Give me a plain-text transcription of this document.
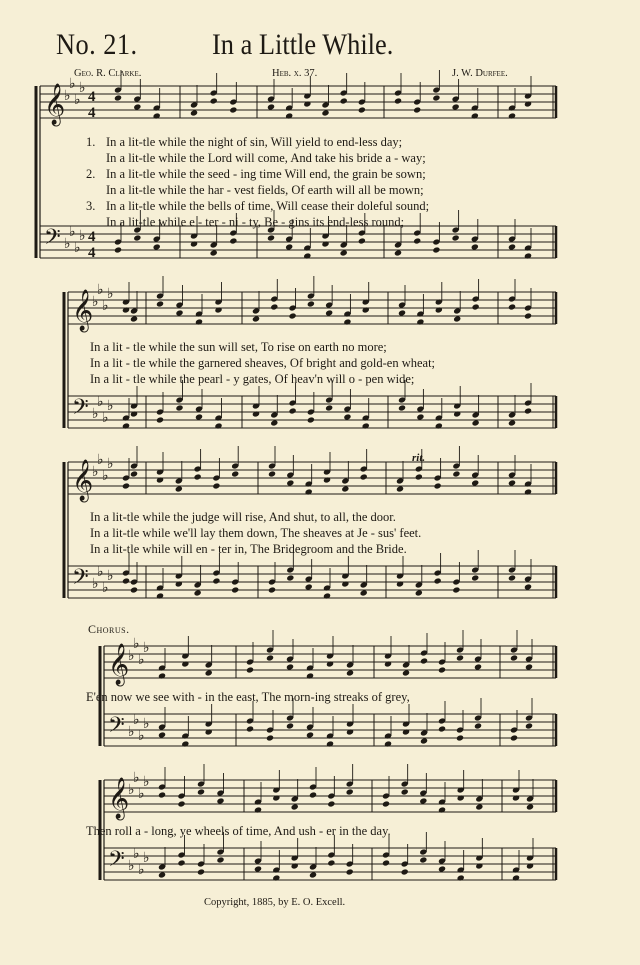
𝄞
♭
♭
♭
♭
4
4
𝄢 ♭
♭
♭
♭ 4
4
𝄞
♭
♭
♭
♭
𝄢 ♭
♭
♭
♭
𝄞
♭
♭
♭
♭
𝄢 ♭
♭
♭
♭
𝄞
♭
♭
♭
♭
𝄢 ♭
♭
♭
♭
𝄞
♭
♭
♭
♭
𝄢 ♭
♭
♭
♭
No. 21. In a Little While.
Geo. R. Clarke.	Heb. x. 37.	J. W. Durfee.
1. In a lit-tle while the night of sin, Will yield to end-less day;
In a lit-tle while the Lord will come, And take his bride a - way;
2. In a lit-tle while the seed - ing time Will end, the grain be sown;
In a lit-tle while the har - vest fields, Of earth will all be mown;
3. In a lit-tle while the bells of time, Will cease their doleful sound;
In a lit-tle while e - ter - ni - ty, Be - gins its end-less round;
In a lit - tle while the sun will set, To rise on earth no more;
In a lit - tle while the garnered sheaves, Of bright and gold-en wheat;
In a lit - tle while the pearl - y gates, Of heav'n will o - pen wide;
In a lit-tle while the judge will rise, And shut, to all, the door.
In a lit-tle while we'll lay them down, The sheaves at Je - sus' feet.
In a lit-tle while will en - ter in, The Bridegroom and the Bride.
rit.
Chorus.
E'en now we see with - in the east, The morn-ing streaks of grey,
Then roll a - long, ye wheels of time, And ush - er in the day.
Copyright, 1885, by E. O. Excell.
